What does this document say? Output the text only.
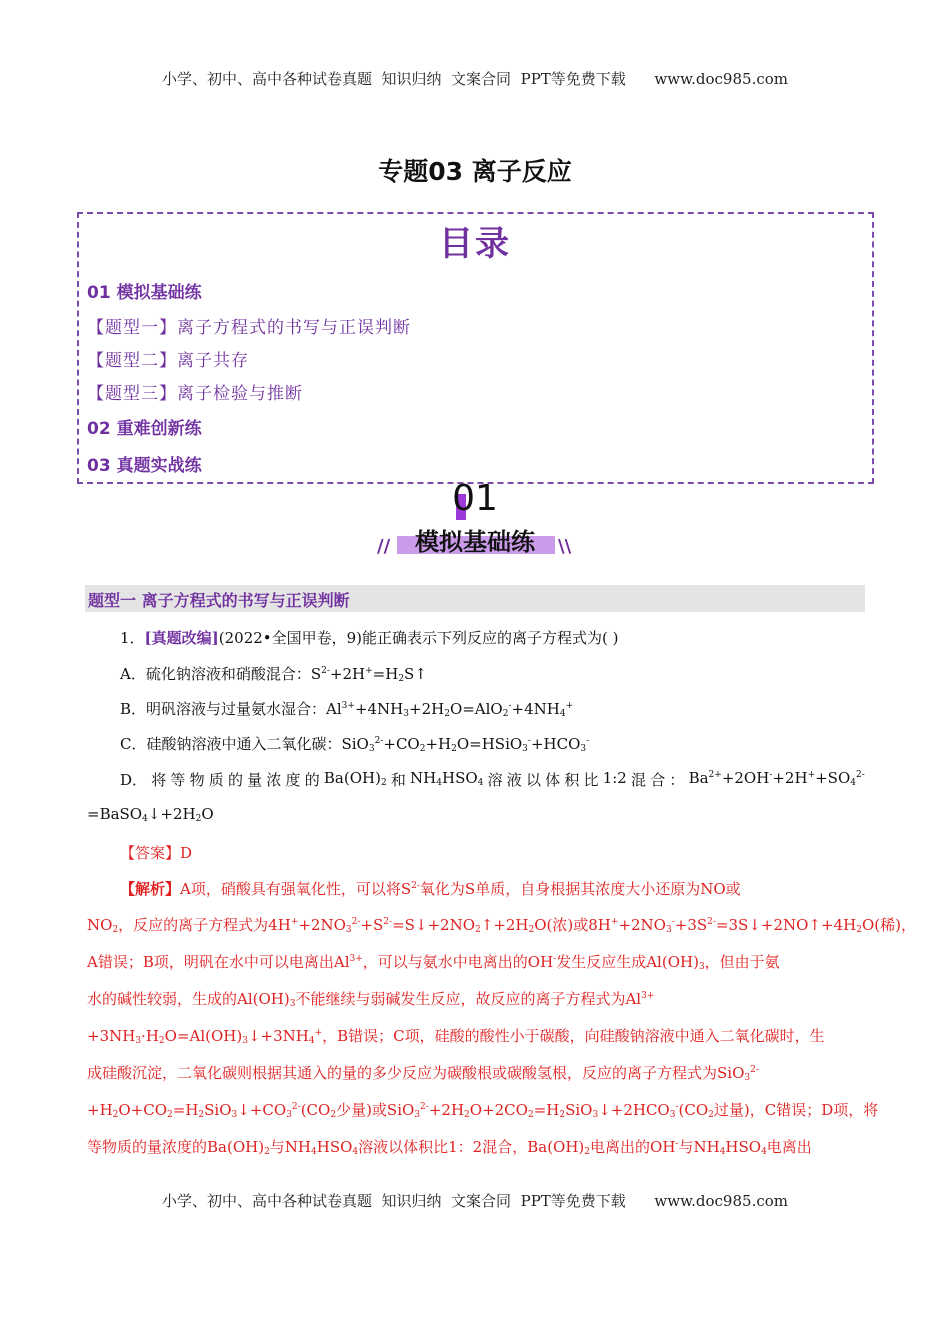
小学、初中、高中各种试卷真题  知识归纳  文案合同  PPT等免费下载      www.doc985.com
专题03 离子反应
目录
01 模拟基础练
【题型一】离子方程式的书写与正误判断
【题型二】离子共存
【题型三】离子检验与推断
02 重难创新练
03 真题实战练
01
模拟基础练
//	\\
题型一 离子方程式的书写与正误判断
1．[真题改编](2022•全国甲卷，9)能正确表示下列反应的离子方程式为( )
A．硫化钠溶液和硝酸混合：$S^{2-}+2H^+=H_2S↑$
B．明矾溶液与过量氨水湿合：$Al^{3+}+4NH_3+2H_2O=AlO_2^-+4NH_4^+$
C．硅酸钠溶液中通入二氧化碳：$SiO_3^{2-}+CO_2+H_2O=HSiO_3^-+HCO_3^-$
D． 将 等 物 质 的 量 浓 度 的 $Ba(OH)_2$ 和 $NH_4HSO_4$ 溶 液 以 体 积 比 1:2 混 合 ： $Ba^{2+}+2OH^-+2H^++SO_4^{2-}$
$=BaSO_4↓+2H_2O$
【答案】D
【解析】A项，硝酸具有强氧化性，可以将$S^{2-}$氧化为S单质，自身根据其浓度大小还原为NO或
$NO_2$，反应的离子方程式为$4H^++2NO_3^{2-}+S^{2-}=S↓+2NO_2↑+2H_2O$(浓)或$8H^++2NO_3^-+3S^{2-}=3S↓+2NO↑+4H_2O$(稀)，
A错误；B项，明矾在水中可以电离出$Al^{3+}$，可以与氨水中电离出的OH-发生反应生成$Al(OH)_3$，但由于氨
水的碱性较弱，生成的$Al(OH)_3$不能继续与弱碱发生反应，故反应的离子方程式为$Al^{3+}$
$+3NH_3\cdot H_2O=Al(OH)_3↓+3NH_4^+$，B错误；C项，硅酸的酸性小于碳酸，向硅酸钠溶液中通入二氧化碳时，生
成硅酸沉淀，二氧化碳则根据其通入的量的多少反应为碳酸根或碳酸氢根，反应的离子方程式为SiO$_3^{2-}$
$+H_2O+CO_2=H_2SiO_3↓+CO_3^{2-}(CO_2$少量)或$SiO_3^{2-}+2H_2O+2CO_2=H_2SiO_3↓+2HCO_3^-(CO_2$过量)，C错误；D项，将
等物质的量浓度的$Ba(OH)_2$与$NH_4HSO_4$溶液以体积比1：2混合，$Ba(OH)_2$电离出的OH-与$NH_4HSO_4$电离出
小学、初中、高中各种试卷真题  知识归纳  文案合同  PPT等免费下载      www.doc985.com
